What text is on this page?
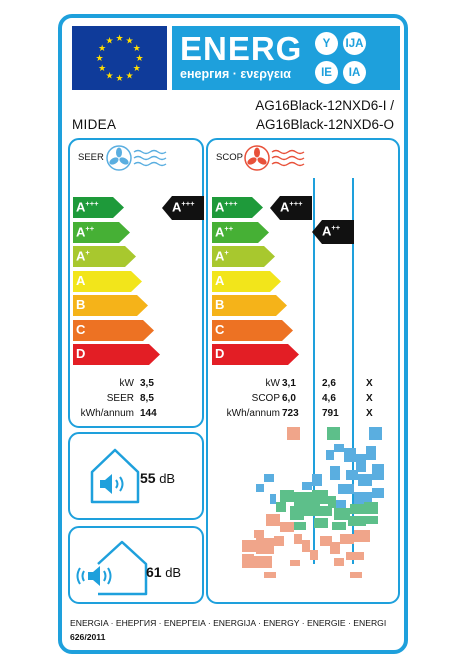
★ ★
★
★
★
★
★
★
★
★
★
★ ENERG
енергия · ενεργεια
Y	IJA
IE	IA
MIDEA
AG16Black-12NXD6-I /
AG16Black-12NXD6-O
SEER
kW 3,5
SEER 8,5
kWh/annum 144
SCOP
kW 3,1	2,6	X
SCOP 6,0	4,6	X
kWh/annum 723 791	X
55 dB
61 dB
A+++
A++
A+
A
B
C
D
A+++
A++
A+
A
B
C
D
A+++	A+++
A++
ENERGIA · ЕНЕРГИЯ · ΕΝΕΡΓΕΙΑ · ENERGIJA · ENERGY · ENERGIE · ENERGI
626/2011
